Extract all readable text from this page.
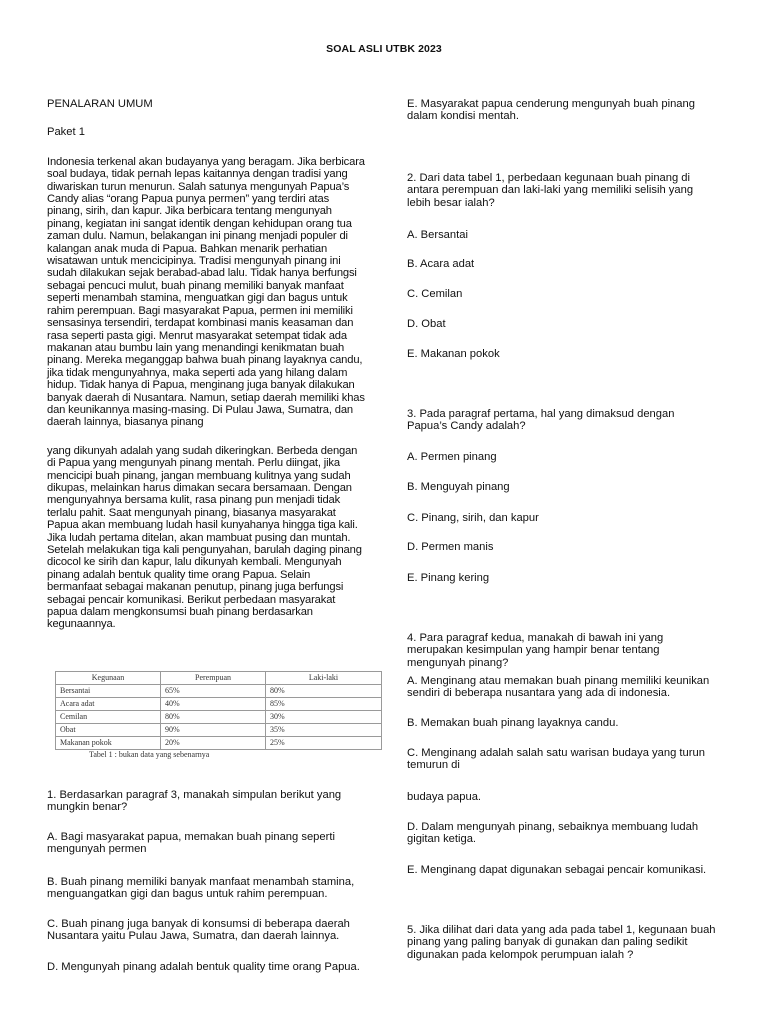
SOAL ASLI UTBK 2023

PENALARAN UMUM

Paket 1

Indonesia terkenal akan budayanya yang beragam. Jika berbicara soal budaya, tidak pernah lepas kaitannya dengan tradisi yang diwariskan turun menurun. Salah satunya mengunyah Papua’s Candy alias “orang Papua punya permen” yang terdiri atas pinang, sirih, dan kapur. Jika berbicara tentang mengunyah pinang, kegiatan ini sangat identik dengan kehidupan orang tua zaman dulu. Namun, belakangan ini pinang menjadi populer di kalangan anak muda di Papua. Bahkan menarik perhatian wisatawan untuk mencicipinya. Tradisi mengunyah pinang ini sudah dilakukan sejak berabad-abad lalu. Tidak hanya berfungsi sebagai pencuci mulut, buah pinang memiliki banyak manfaat seperti menambah stamina, menguatkan gigi dan bagus untuk rahim perempuan. Bagi masyarakat Papua, permen ini memiliki sensasinya tersendiri, terdapat kombinasi manis keasaman dan rasa seperti pasta gigi. Menrut masyarakat setempat tidak ada makanan atau bumbu lain yang menandingi kenikmatan buah pinang. Mereka meganggap bahwa buah pinang layaknya candu, jika tidak mengunyahnya, maka seperti ada yang hilang dalam hidup. Tidak hanya di Papua, menginang juga banyak dilakukan banyak daerah di Nusantara. Namun, setiap daerah memiliki khas dan keunikannya masing-masing. Di Pulau Jawa, Sumatra, dan daerah lainnya, biasanya pinang

yang dikunyah adalah yang sudah dikeringkan. Berbeda dengan di Papua yang mengunyah pinang mentah. Perlu diingat, jika mencicipi buah pinang, jangan membuang kulitnya yang sudah dikupas, melainkan harus dimakan secara bersamaan. Dengan mengunyahnya bersama kulit, rasa pinang pun menjadi tidak terlalu pahit. Saat mengunyah pinang, biasanya masyarakat Papua akan membuang ludah hasil kunyahanya hingga tiga kali. Jika ludah pertama ditelan, akan mambuat pusing dan muntah. Setelah melakukan tiga kali pengunyahan, barulah daging pinang dicocol ke sirih dan kapur, lalu dikunyah kembali. Mengunyah pinang adalah bentuk quality time orang Papua. Selain bermanfaat sebagai makanan penutup, pinang juga berfungsi sebagai pencair komunikasi. Berikut perbedaan masyarakat papua dalam mengkonsumsi buah pinang berdasarkan kegunaannya.

Kegunaan	Perempuan	Laki-laki
Bersantai	65%	80%
Acara adat	40%	85%
Cemilan	80%	30%
Obat	90%	35%
Makanan pokok	20%	25%
Tabel 1 : bukan data yang sebenarnya

1. Berdasarkan paragraf 3, manakah simpulan berikut yang mungkin benar?

A. Bagi masyarakat papua, memakan buah pinang seperti mengunyah permen

B. Buah pinang memiliki banyak manfaat menambah stamina, menguangatkan gigi dan bagus untuk rahim perempuan.

C. Buah pinang juga banyak di konsumsi di beberapa daerah Nusantara yaitu Pulau Jawa, Sumatra, dan daerah lainnya.

D. Mengunyah pinang adalah bentuk quality time orang Papua.

E. Masyarakat papua cenderung mengunyah buah pinang dalam kondisi mentah.

2. Dari data tabel 1, perbedaan kegunaan buah pinang di antara perempuan dan laki-laki yang memiliki selisih yang lebih besar ialah?

A. Bersantai

B. Acara adat

C. Cemilan

D. Obat

E. Makanan pokok

3. Pada paragraf pertama, hal yang dimaksud dengan Papua’s Candy adalah?

A. Permen pinang

B. Menguyah pinang

C. Pinang, sirih, dan kapur

D. Permen manis

E. Pinang kering

4. Para paragraf kedua, manakah di bawah ini yang merupakan kesimpulan yang hampir benar tentang mengunyah pinang?

A. Menginang atau memakan buah pinang memiliki keunikan sendiri di beberapa nusantara yang ada di indonesia.

B. Memakan buah pinang layaknya candu.

C. Menginang adalah salah satu warisan budaya yang turun temurun di

budaya papua.

D. Dalam mengunyah pinang, sebaiknya membuang ludah gigitan ketiga.

E. Menginang dapat digunakan sebagai pencair komunikasi.

5. Jika dilihat dari data yang ada pada tabel 1, kegunaan buah pinang yang paling banyak di gunakan dan paling sedikit digunakan pada kelompok perumpuan ialah ?
